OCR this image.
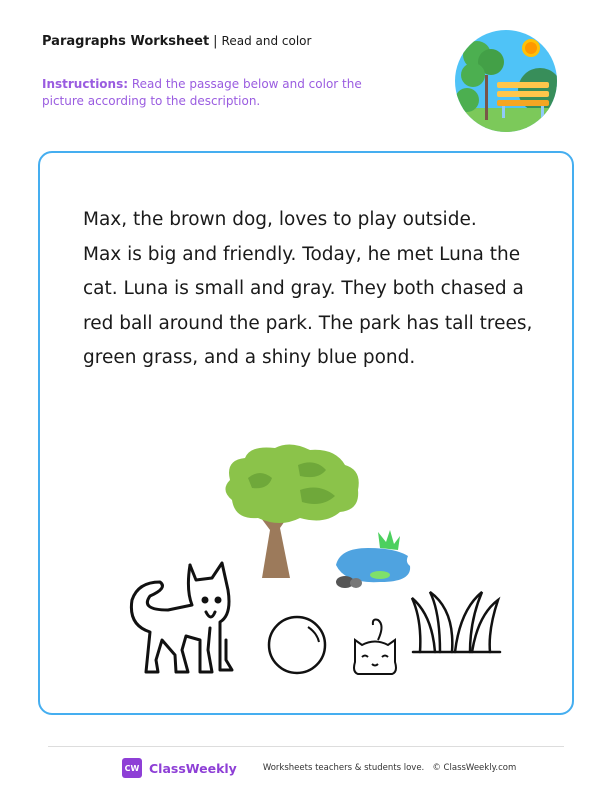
Paragraphs Worksheet | Read and color
Instructions: Read the passage below and color the picture according to the description.
Max, the brown dog, loves to play outside.
Max is big and friendly. Today, he met Luna the
cat. Luna is small and gray. They both chased a
red ball around the park. The park has tall trees,
green grass, and a shiny blue pond.
CW ClassWeekly	Worksheets teachers & students love.   © ClassWeekly.com
